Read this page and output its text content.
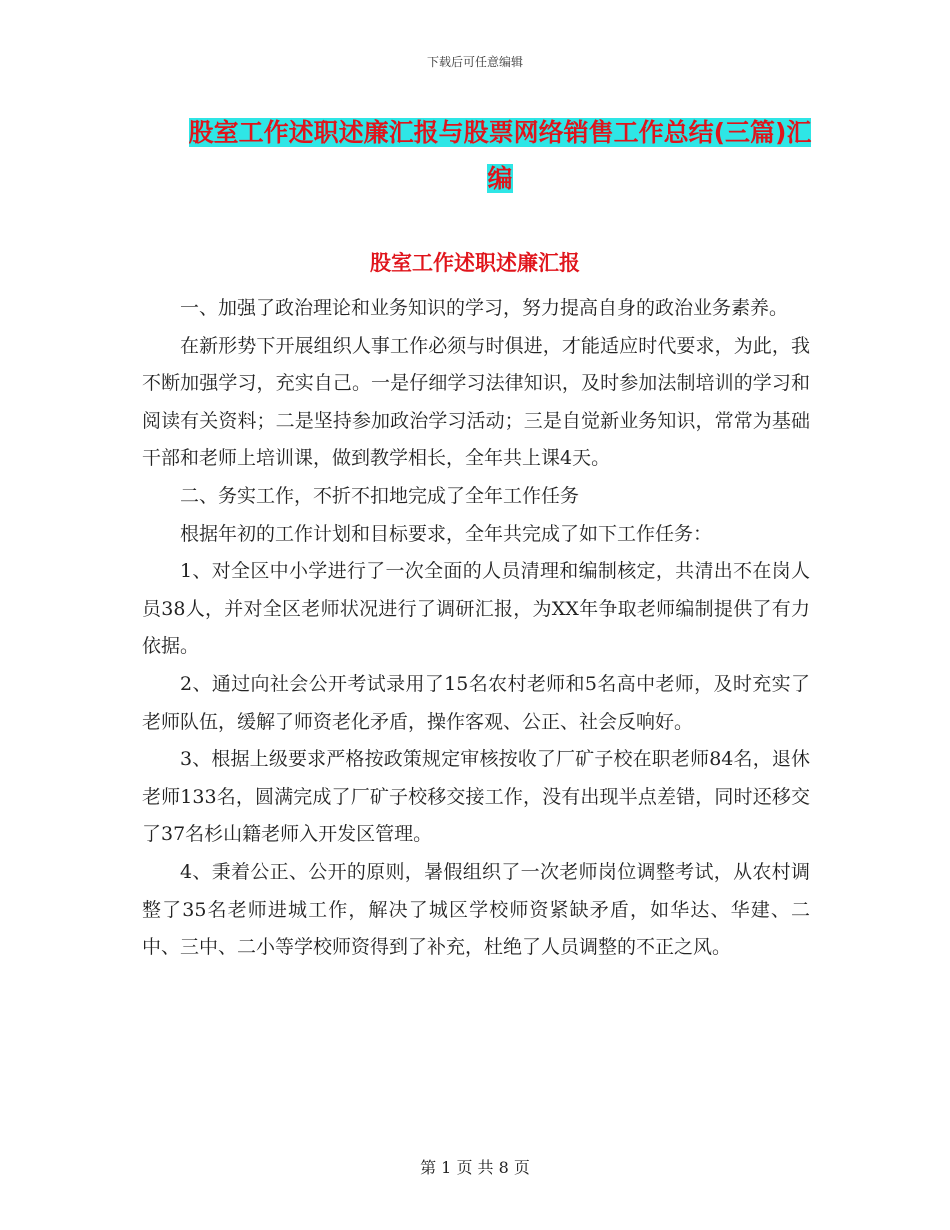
下载后可任意编辑
股室工作述职述廉汇报与股票网络销售工作总结(三篇)汇编
股室工作述职述廉汇报

一、加强了政治理论和业务知识的学习，努力提高自身的政治业务素养。

在新形势下开展组织人事工作必须与时俱进，才能适应时代要求，为此，我不断加强学习，充实自己。一是仔细学习法律知识，及时参加法制培训的学习和阅读有关资料；二是坚持参加政治学习活动；三是自觉新业务知识，常常为基础干部和老师上培训课，做到教学相长，全年共上课4天。

二、务实工作，不折不扣地完成了全年工作任务

根据年初的工作计划和目标要求，全年共完成了如下工作任务：

1、对全区中小学进行了一次全面的人员清理和编制核定，共清出不在岗人员38人，并对全区老师状况进行了调研汇报，为XX年争取老师编制提供了有力依据。

2、通过向社会公开考试录用了15名农村老师和5名高中老师，及时充实了老师队伍，缓解了师资老化矛盾，操作客观、公正、社会反响好。

3、根据上级要求严格按政策规定审核按收了厂矿子校在职老师84名，退休老师133名，圆满完成了厂矿子校移交接工作，没有出现半点差错，同时还移交了37名杉山籍老师入开发区管理。

4、秉着公正、公开的原则，暑假组织了一次老师岗位调整考试，从农村调整了35名老师进城工作，解决了城区学校师资紧缺矛盾，如华达、华建、二中、三中、二小等学校师资得到了补充，杜绝了人员调整的不正之风。

第 1 页 共 8 页
